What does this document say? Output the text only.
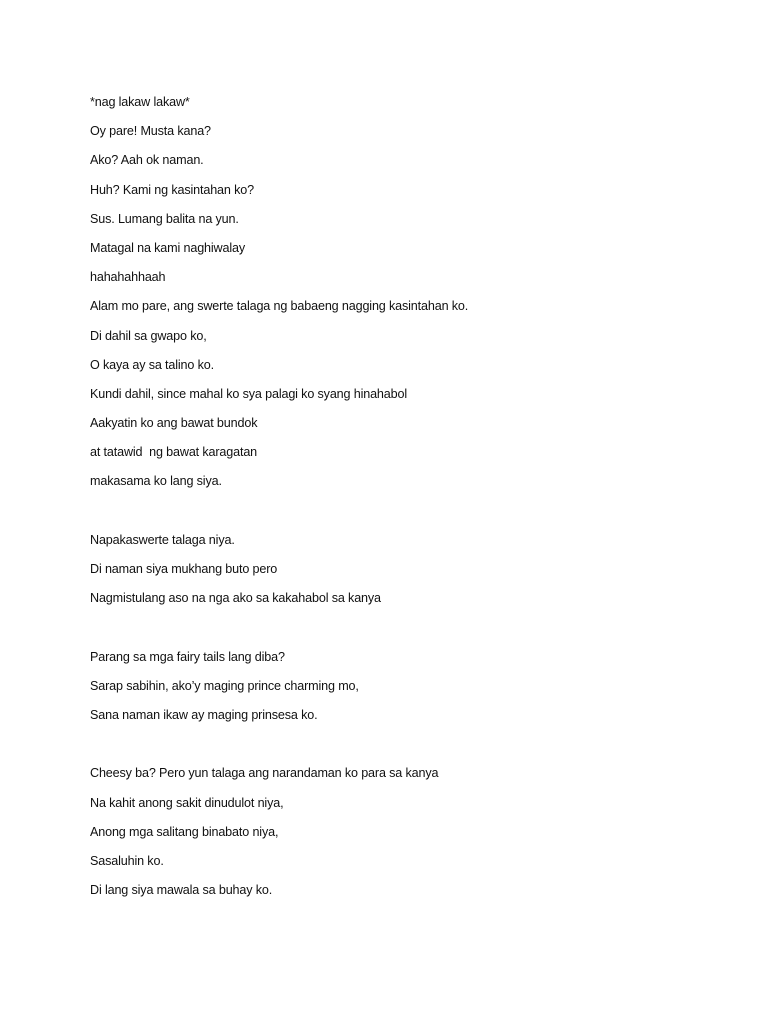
*nag lakaw lakaw*
Oy pare! Musta kana?
Ako? Aah ok naman.
Huh? Kami ng kasintahan ko?
Sus. Lumang balita na yun.
Matagal na kami naghiwalay
hahahahhaah
Alam mo pare, ang swerte talaga ng babaeng nagging kasintahan ko.
Di dahil sa gwapo ko,
O kaya ay sa talino ko.
Kundi dahil, since mahal ko sya palagi ko syang hinahabol
Aakyatin ko ang bawat bundok
at tatawid  ng bawat karagatan
makasama ko lang siya.
Napakaswerte talaga niya.
Di naman siya mukhang buto pero
Nagmistulang aso na nga ako sa kakahabol sa kanya
Parang sa mga fairy tails lang diba?
Sarap sabihin, ako’y maging prince charming mo,
Sana naman ikaw ay maging prinsesa ko.
Cheesy ba? Pero yun talaga ang narandaman ko para sa kanya
Na kahit anong sakit dinudulot niya,
Anong mga salitang binabato niya,
Sasaluhin ko.
Di lang siya mawala sa buhay ko.
